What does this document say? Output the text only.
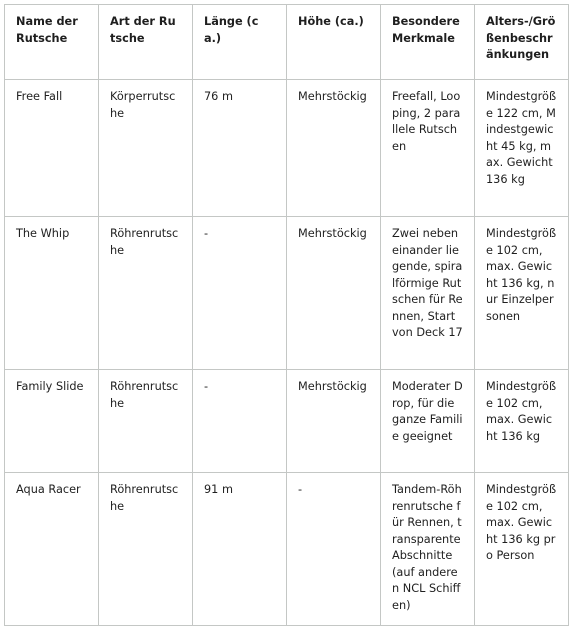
Name der Rutsche	Art der Rutsche	Länge (ca.)	Höhe (ca.)	Besondere Merkmale	Alters-/Größenbeschränkungen
Free Fall	Körperrutsche	76 m	Mehrstöckig	Freefall, Looping, 2 parallele Rutschen	Mindestgröße 122 cm, Mindestgewicht 45 kg, max. Gewicht 136 kg
The Whip	Röhrenrutsche	-	Mehrstöckig	Zwei nebeneinander liegende, spiralförmige Rutschen für Rennen, Start von Deck 17	Mindestgröße 102 cm, max. Gewicht 136 kg, nur Einzelpersonen
Family Slide	Röhrenrutsche	-	Mehrstöckig	Moderater Drop, für die ganze Familie geeignet	Mindestgröße 102 cm, max. Gewicht 136 kg
Aqua Racer	Röhrenrutsche	91 m	-	Tandem-Röhrenrutsche für Rennen, transparente Abschnitte (auf anderen NCL Schiffen)	Mindestgröße 102 cm, max. Gewicht 136 kg pro Person
